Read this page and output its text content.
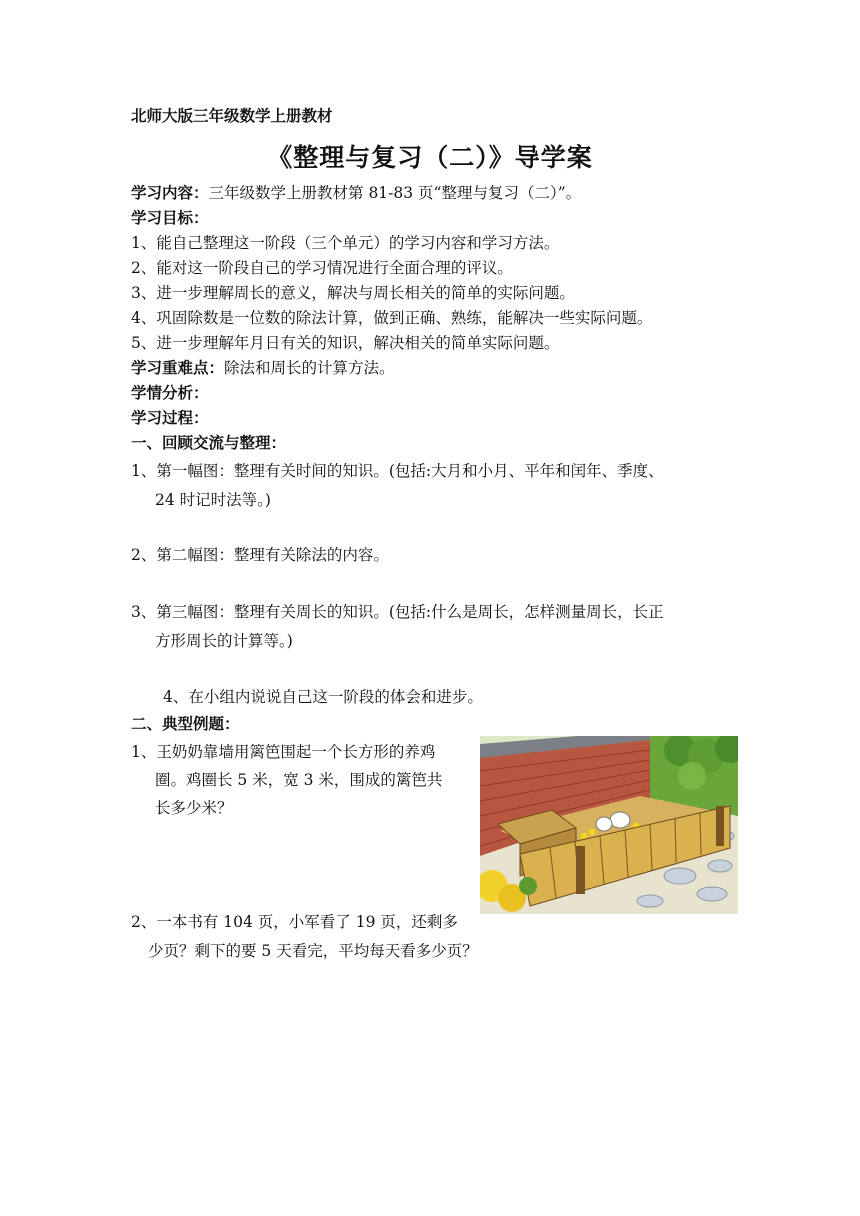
北师大版三年级数学上册教材
《整理与复习（二）》导学案
学习内容：三年级数学上册教材第 81-83 页“整理与复习（二）”。
学习目标：
1、能自己整理这一阶段（三个单元）的学习内容和学习方法。
2、能对这一阶段自己的学习情况进行全面合理的评议。
3、进一步理解周长的意义，解决与周长相关的简单的实际问题。
4、巩固除数是一位数的除法计算，做到正确、熟练，能解决一些实际问题。
5、进一步理解年月日有关的知识，解决相关的简单实际问题。
学习重难点：除法和周长的计算方法。
学情分析：
学习过程：
一、回顾交流与整理：
1、第一幅图：整理有关时间的知识。(包括:大月和小月、平年和闰年、季度、
24 时记时法等。)
2、第二幅图：整理有关除法的内容。
3、第三幅图：整理有关周长的知识。(包括:什么是周长，怎样测量周长，长正
方形周长的计算等。)
4、在小组内说说自己这一阶段的体会和进步。
二、典型例题：
1、王奶奶靠墙用篱笆围起一个长方形的养鸡
圈。鸡圈长 5 米，宽 3 米，围成的篱笆共
长多少米？
2、一本书有 104 页，小军看了 19 页，还剩多
少页？剩下的要 5 天看完，平均每天看多少页？
